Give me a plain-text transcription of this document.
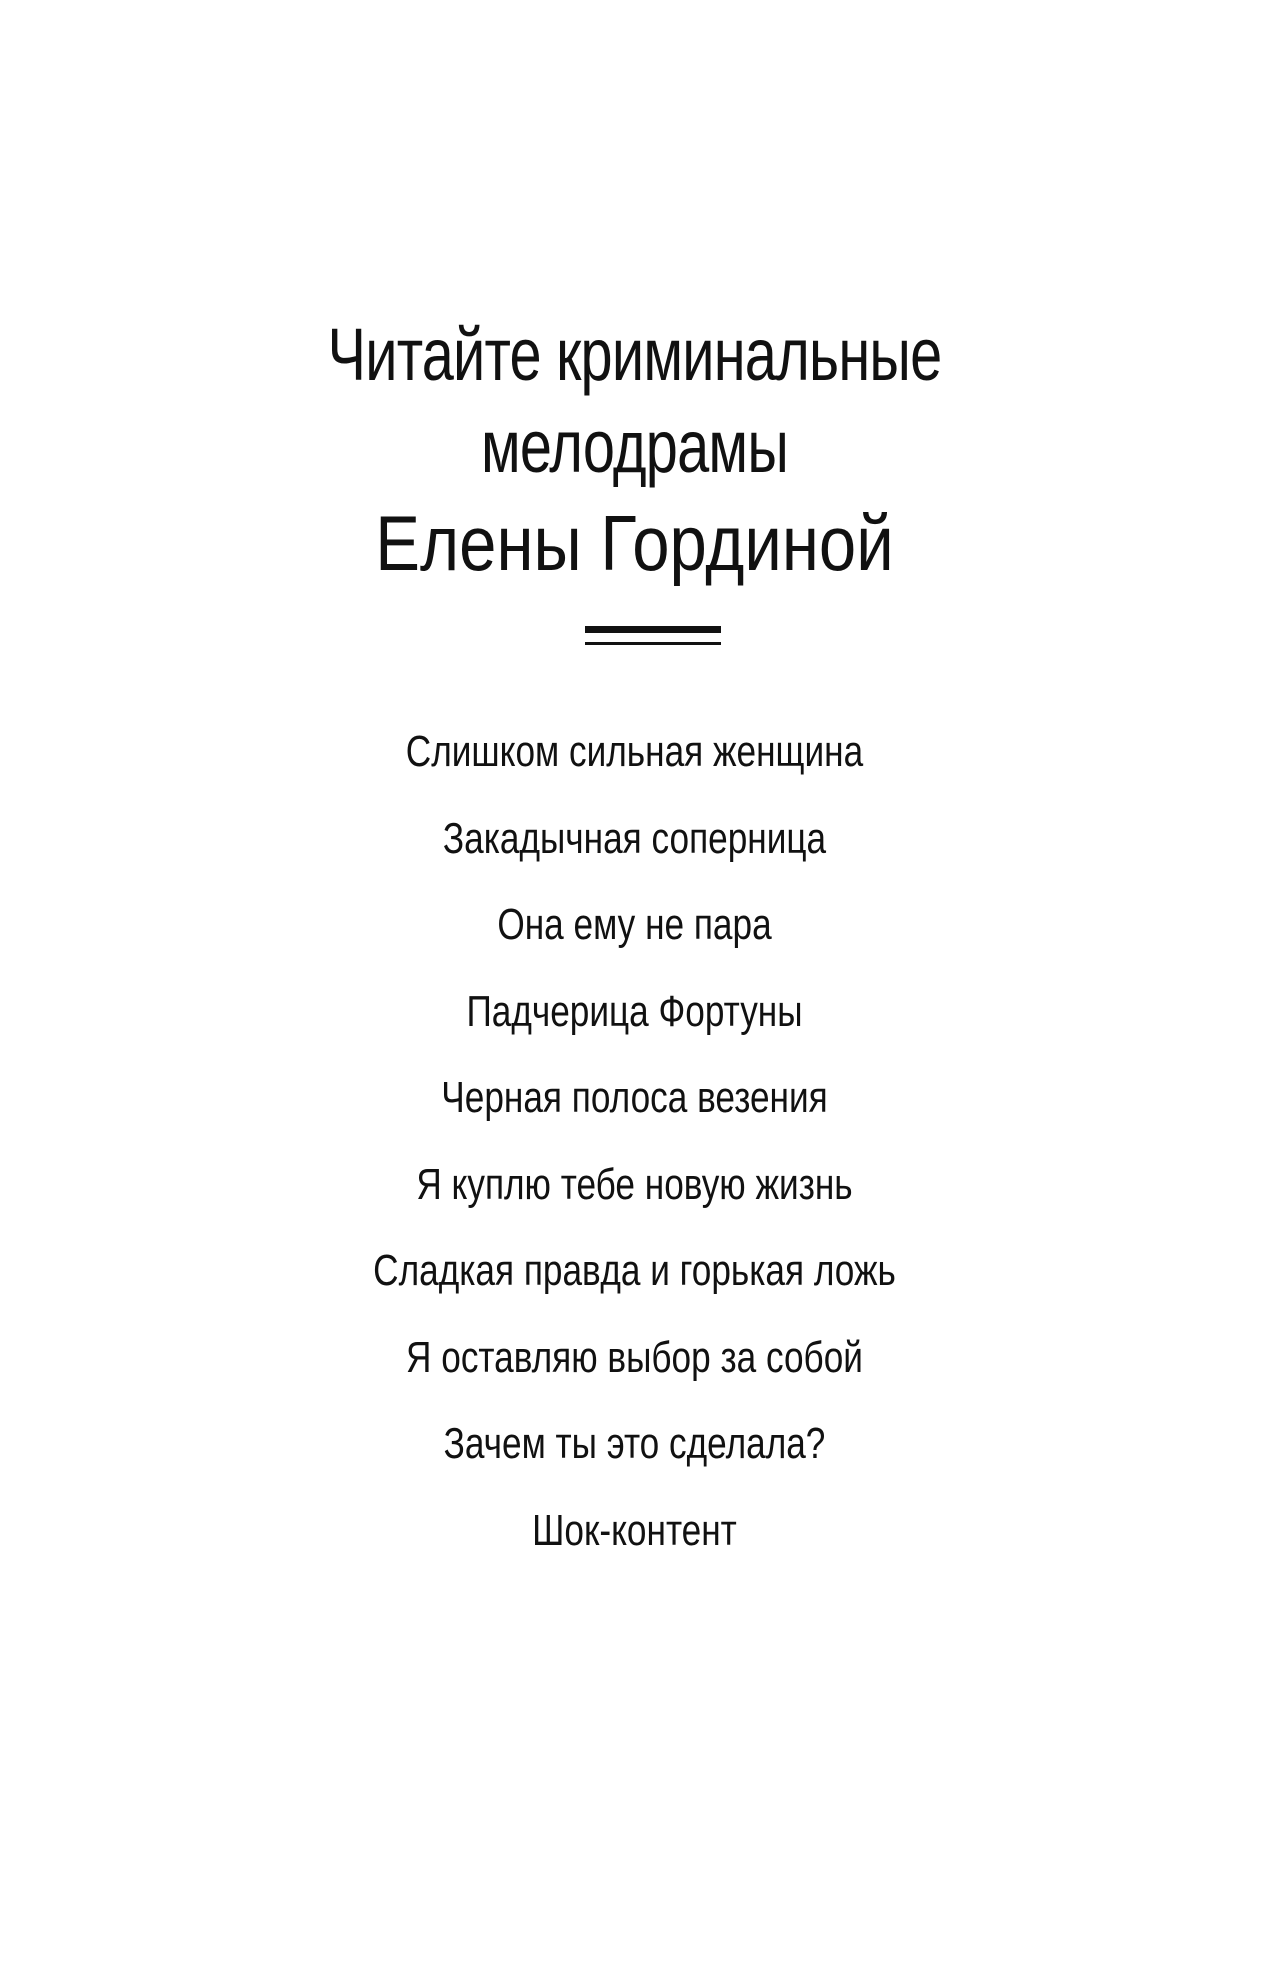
Читайте криминальные
мелодрамы
Елены Гординой
Слишком сильная женщина
Закадычная соперница
Она ему не пара
Падчерица Фортуны
Черная полоса везения
Я куплю тебе новую жизнь
Сладкая правда и горькая ложь
Я оставляю выбор за собой
Зачем ты это сделала?
Шок-контент
